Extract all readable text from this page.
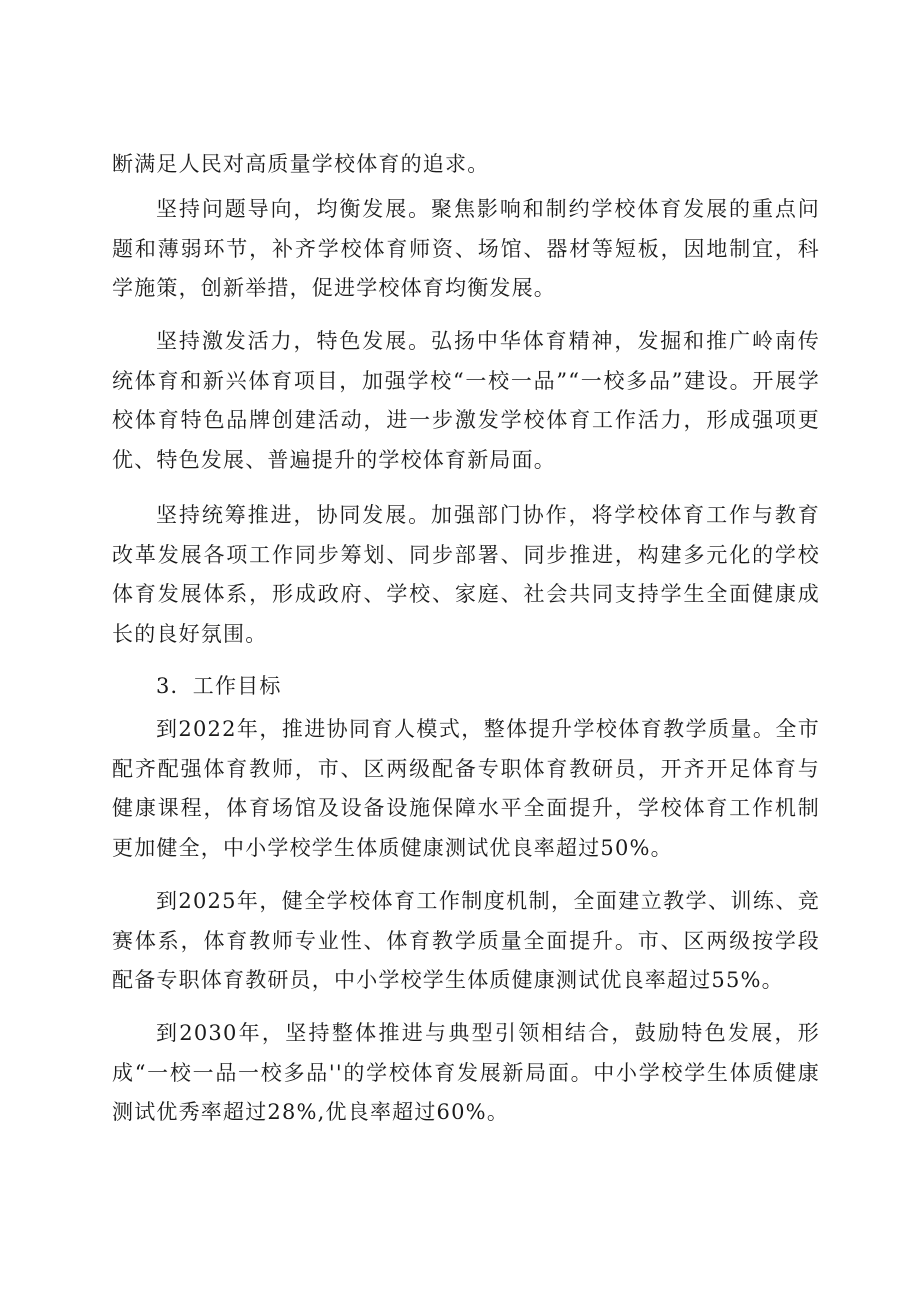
断满足人民对高质量学校体育的追求。

坚持问题导向，均衡发展。聚焦影响和制约学校体育发展的重点问题和薄弱环节，补齐学校体育师资、场馆、器材等短板，因地制宜，科学施策，创新举措，促进学校体育均衡发展。

坚持激发活力，特色发展。弘扬中华体育精神，发掘和推广岭南传统体育和新兴体育项目，加强学校“一校一品”“一校多品”建设。开展学校体育特色品牌创建活动，进一步激发学校体育工作活力，形成强项更优、特色发展、普遍提升的学校体育新局面。

坚持统筹推进，协同发展。加强部门协作，将学校体育工作与教育改革发展各项工作同步筹划、同步部署、同步推进，构建多元化的学校体育发展体系，形成政府、学校、家庭、社会共同支持学生全面健康成长的良好氛围。

3．工作目标

到2022年，推进协同育人模式，整体提升学校体育教学质量。全市配齐配强体育教师，市、区两级配备专职体育教研员，开齐开足体育与健康课程，体育场馆及设备设施保障水平全面提升，学校体育工作机制更加健全，中小学校学生体质健康测试优良率超过50%。

到2025年，健全学校体育工作制度机制，全面建立教学、训练、竞赛体系，体育教师专业性、体育教学质量全面提升。市、区两级按学段配备专职体育教研员，中小学校学生体质健康测试优良率超过55%。

到2030年，坚持整体推进与典型引领相结合，鼓励特色发展，形成“一校一品一校多品''的学校体育发展新局面。中小学校学生体质健康测试优秀率超过28%,优良率超过60%。
